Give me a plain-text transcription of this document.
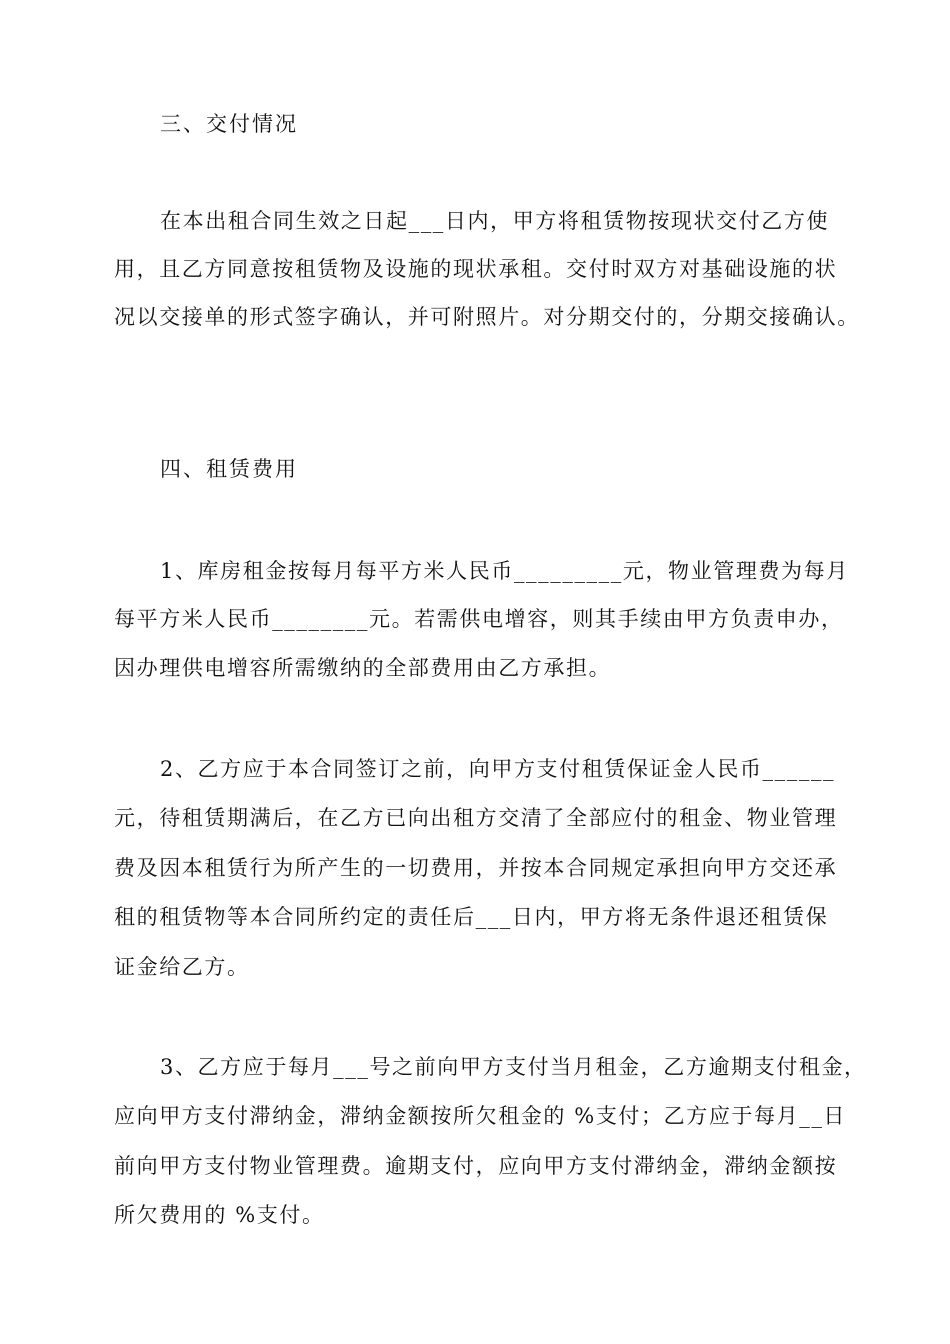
三、交付情况
在本出租合同生效之日起___日内，甲方将租赁物按现状交付乙方使
用，且乙方同意按租赁物及设施的现状承租。交付时双方对基础设施的状
况以交接单的形式签字确认，并可附照片。对分期交付的，分期交接确认。
四、租赁费用
1、库房租金按每月每平方米人民币_________元，物业管理费为每月
每平方米人民币________元。若需供电增容，则其手续由甲方负责申办，
因办理供电增容所需缴纳的全部费用由乙方承担。
2、乙方应于本合同签订之前，向甲方支付租赁保证金人民币______
元，待租赁期满后，在乙方已向出租方交清了全部应付的租金、物业管理
费及因本租赁行为所产生的一切费用，并按本合同规定承担向甲方交还承
租的租赁物等本合同所约定的责任后___日内，甲方将无条件退还租赁保
证金给乙方。
3、乙方应于每月___号之前向甲方支付当月租金，乙方逾期支付租金，
应向甲方支付滞纳金，滞纳金额按所欠租金的 %支付；乙方应于每月__日
前向甲方支付物业管理费。逾期支付，应向甲方支付滞纳金，滞纳金额按
所欠费用的 %支付。
